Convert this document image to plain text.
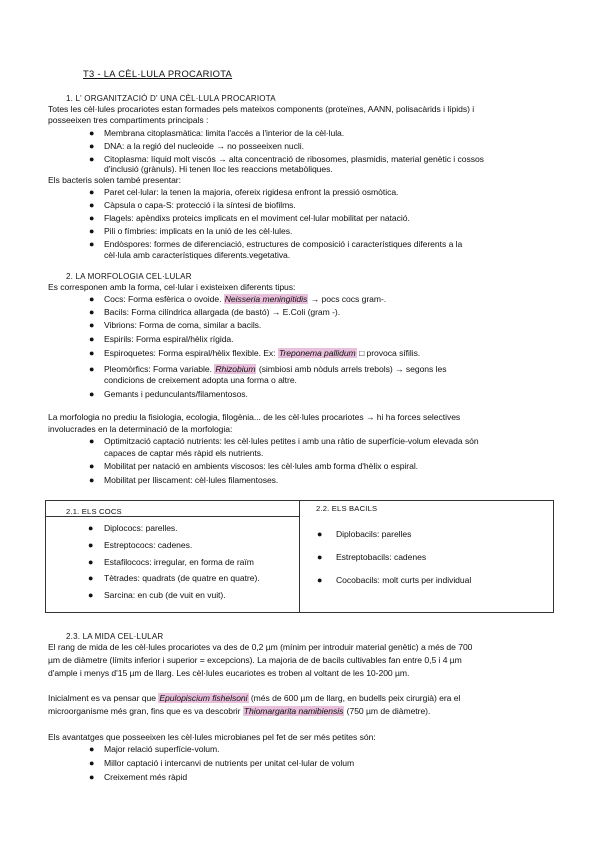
T3 - LA CÈL·LULA PROCARIOTA
1. L' ORGANITZACIÓ D' UNA CÈL·LULA PROCARIOTA
Totes les cèl·lules procariotes estan formades pels mateixos components (proteïnes, AANN, polisacàrids i lípids) i
posseeixen tres compartiments principals :
● Membrana citoplasmàtica: limita l'accés a l'interior de la cèl·lula.
● DNA: a la regió del nucleoide → no posseeixen nucli.
● Citoplasma: líquid molt viscós → alta concentració de ribosomes, plasmidis, material genètic i cossos
d'inclusió (grànuls). Hi tenen lloc les reaccions metabòliques.
Els bacteris solen també presentar:
● Paret cel·lular: la tenen la majoria, ofereix rigidesa enfront la pressió osmòtica.
● Càpsula o capa-S: protecció i la síntesi de biofilms.
● Flagels: apèndixs proteics implicats en el moviment cel·lular mobilitat per natació.
● Pili o fímbries: implicats en la unió de les cèl·lules.
● Endòspores: formes de diferenciació, estructures de composició i característiques diferents a la
cèl·lula amb característiques diferents.vegetativa.
2. LA MORFOLOGIA CEL·LULAR
Es corresponen amb la forma, cel·lular i existeixen diferents tipus:
● Cocs: Forma esfèrica o ovoide. Neisseria meningitidis → pocs cocs gram-.
● Bacils: Forma cilíndrica allargada (de bastó) → E.Coli (gram -).
● Vibrions: Forma de coma, similar a bacils.
● Espirils: Forma espiral/hèlix rígida.
● Espiroquetes: Forma espiral/hèlix flexible. Ex: Treponema pallidum □ provoca sífilis.
● Pleomòrfics: Forma variable. Rhizobium (simbiosi amb nòduls arrels trebols) → segons les
condicions de creixement adopta una forma o altre.
● Gemants i pedunculants/filamentosos.
La morfologia no prediu la fisiologia, ecologia, filogènia... de les cèl·lules procariotes → hi ha forces selectives
involucrades en la determinació de la morfologia:
● Optimització captació nutrients: les cèl·lules petites i amb una ràtio de superfície-volum elevada són
capaces de captar més ràpid els nutrients.
● Mobilitat per natació en ambients viscosos: les cèl·lules amb forma d'hèlix o espiral.
● Mobilitat per lliscament: cèl·lules filamentoses.
2.1. ELS COCS	2.2. ELS BACILS
● Diplococs: parelles.
● Estreptococs: cadenes.
● Estafilococs: irregular, en forma de raïm
● Tètrades: quadrats (de quatre en quatre).
● Sarcina: en cub (de vuit en vuit).
● Diplobacils: parelles
● Estreptobacils: cadenes
● Cocobacils: molt curts per individual
2.3. LA MIDA CEL·LULAR
El rang de mida de les cèl·lules procariotes va des de 0,2 µm (mínim per introduir material genètic) a més de 700
µm de diàmetre (límits inferior i superior = excepcions). La majoria de de bacils cultivables fan entre 0,5 i 4 µm
d'ample i menys d'15 µm de llarg. Les cèl·lules eucariotes es troben al voltant de les 10-200 µm.
Inicialment es va pensar que Epulopiscium fishelsoni (més de 600 µm de llarg, en budells peix cirurgià) era el
microorganisme més gran, fins que es va descobrir Thiomargarita namibiensis (750 µm de diàmetre).
Els avantatges que posseeixen les cèl·lules microbianes pel fet de ser més petites són:
● Major relació superfície-volum.
● Millor captació i intercanvi de nutrients per unitat cel·lular de volum
● Creixement més ràpid
